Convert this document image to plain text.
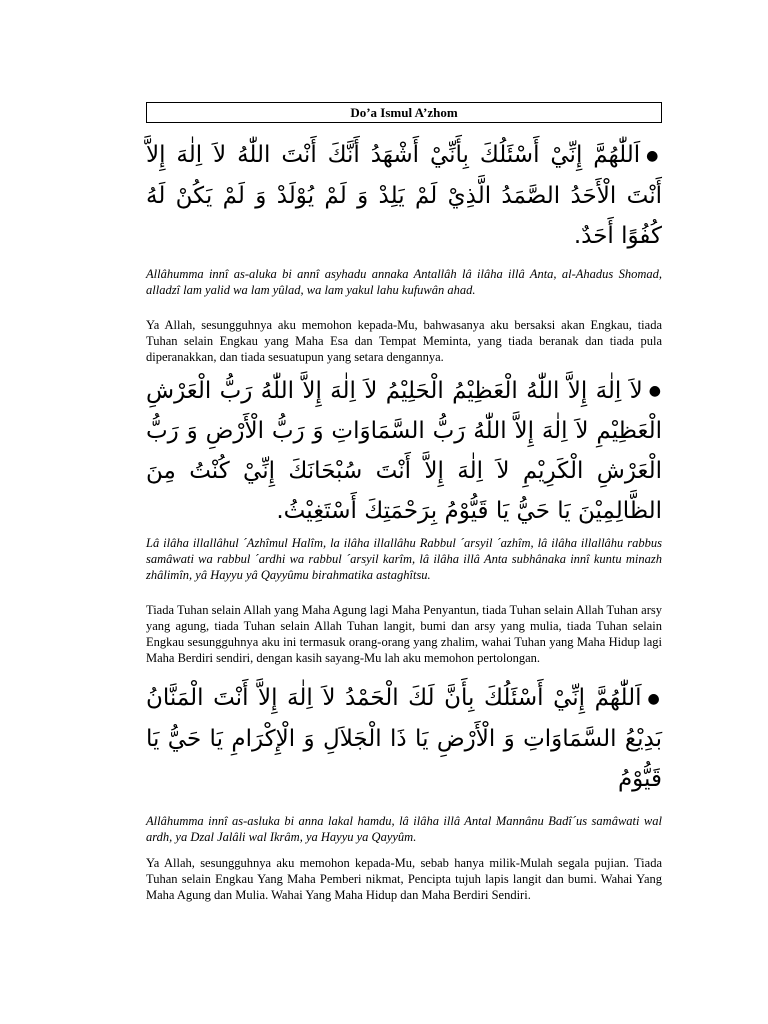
Do’a Ismul A’zhom

●اَللّٰهُمَّ إِنِّيْ أَسْئَلُكَ بِأَنِّيْ أَشْهَدُ أَنَّكَ أَنْتَ اللّٰهُ لاَ اِلٰهَ إِلاَّ أَنْتَ الْأَحَدُ الصَّمَدُ الَّذِيْ لَمْ يَلِدْ وَ لَمْ يُوْلَدْ وَ لَمْ يَكُنْ لَهُ كُفُوًا أَحَدٌ.

Allâhumma innî as-aluka bi annî asyhadu annaka Antallâh lâ ilâha illâ Anta, al-Ahadus Shomad, alladzî lam yalid wa lam yûlad, wa lam yakul lahu kufuwân ahad.

Ya Allah, sesungguhnya aku memohon kepada-Mu, bahwasanya aku bersaksi akan Engkau, tiada Tuhan selain Engkau yang Maha Esa dan Tempat Meminta, yang tiada beranak dan tiada pula diperanakkan, dan tiada sesuatupun yang setara dengannya.

●لاَ اِلٰهَ إِلاَّ اللّٰهُ الْعَظِيْمُ الْحَلِيْمُ لاَ اِلٰهَ إِلاَّ اللّٰهُ رَبُّ الْعَرْشِ الْعَظِيْمِ لاَ اِلٰهَ إِلاَّ اللّٰهُ رَبُّ السَّمَاوَاتِ وَ رَبُّ الْأَرْضِ وَ رَبُّ الْعَرْشِ الْكَرِيْمِ لاَ اِلٰهَ إِلاَّ أَنْتَ سُبْحَانَكَ إِنِّيْ كُنْتُ مِنَ الظَّالِمِيْنَ يَا حَيُّ يَا قَيُّوْمُ بِرَحْمَتِكَ أَسْتَغِيْثُ.

Lâ ilâha illallâhul ´Azhîmul Halîm, la ilâha illallâhu Rabbul ´arsyil ´azhîm, lâ ilâha illallâhu rabbus samâwati wa rabbul ´ardhi wa rabbul ´arsyil karîm, lâ ilâha illâ Anta subhânaka innî kuntu minazh zhâlimîn, yâ Hayyu yâ Qayyûmu birahmatika astaghîtsu.

Tiada Tuhan selain Allah yang Maha Agung lagi Maha Penyantun, tiada Tuhan selain Allah Tuhan arsy yang agung, tiada Tuhan selain Allah Tuhan langit, bumi dan arsy yang mulia, tiada Tuhan selain Engkau sesungguhnya aku ini termasuk orang-orang yang zhalim, wahai Tuhan yang Maha Hidup lagi Maha Berdiri sendiri, dengan kasih sayang-Mu lah aku memohon pertolongan.

●اَللّٰهُمَّ إِنِّيْ أَسْئَلُكَ بِأَنَّ لَكَ الْحَمْدُ لاَ اِلٰهَ إِلاَّ أَنْتَ الْمَنَّانُ بَدِيْعُ السَّمَاوَاتِ وَ الْأَرْضِ يَا ذَا الْجَلاَلِ وَ الْإِكْرَامِ يَا حَيُّ يَا قَيُّوْمُ

Allâhumma innî as-asluka bi anna lakal hamdu, lâ ilâha illâ Antal Mannânu Badî´us samâwati wal ardh, ya Dzal Jalâli wal Ikrâm, ya Hayyu ya Qayyûm.

Ya Allah, sesungguhnya aku memohon kepada-Mu, sebab hanya milik-Mulah segala pujian. Tiada Tuhan selain Engkau Yang Maha Pemberi nikmat, Pencipta tujuh lapis langit dan bumi. Wahai Yang Maha Agung dan Mulia. Wahai Yang Maha Hidup dan Maha Berdiri Sendiri.
